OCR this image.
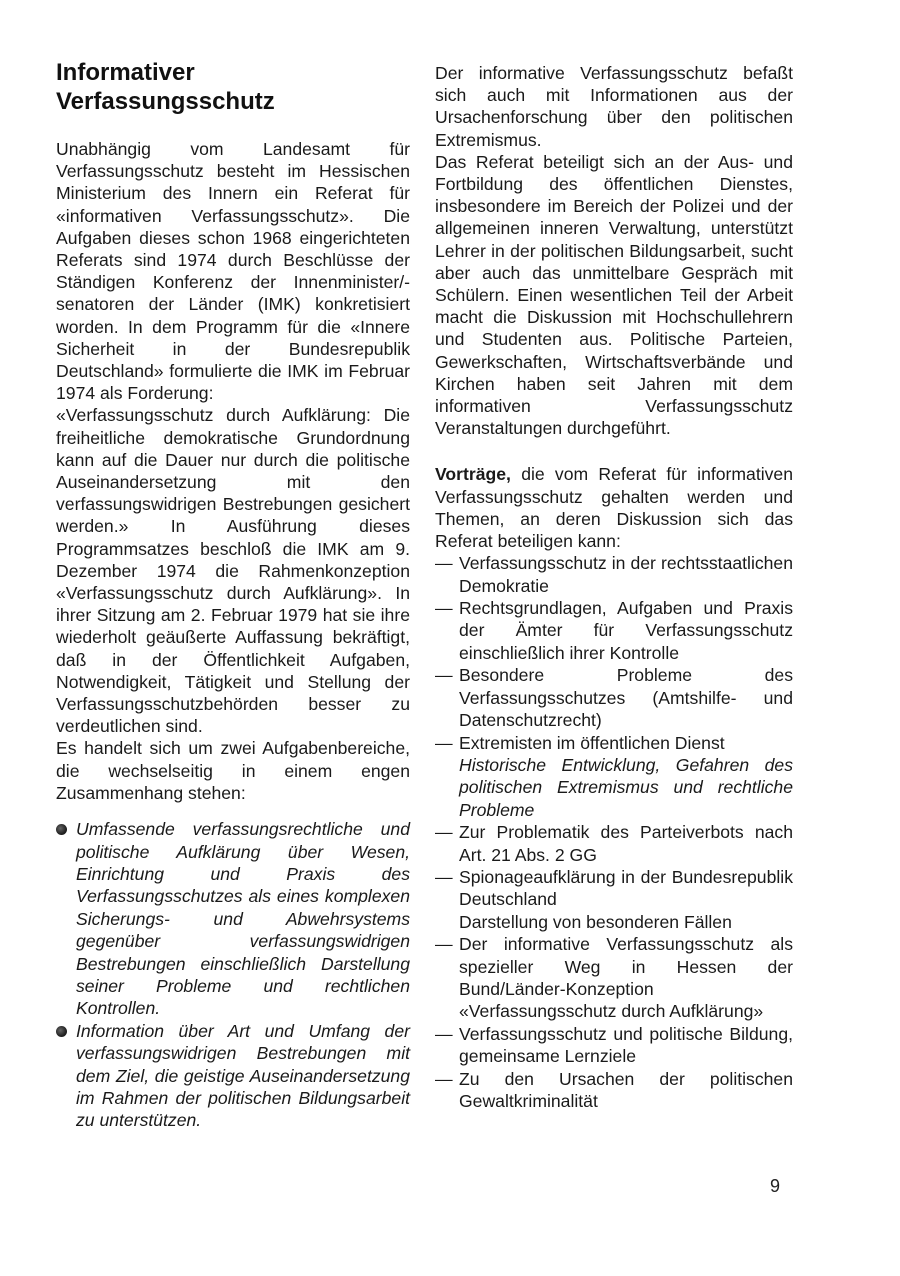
Informativer
Verfassungsschutz

Unabhängig vom Landesamt für Verfassungsschutz besteht im Hessischen Ministerium des Innern ein Referat für «informativen Verfassungsschutz». Die Aufgaben dieses schon 1968 eingerichteten Referats sind 1974 durch Beschlüsse der Ständigen Konferenz der Innenminister/-senatoren der Länder (IMK) konkretisiert worden. In dem Programm für die «Innere Sicherheit in der Bundesrepublik Deutschland» formulierte die IMK im Februar 1974 als Forderung:

«Verfassungsschutz durch Aufklärung: Die freiheitliche demokratische Grundordnung kann auf die Dauer nur durch die politische Auseinandersetzung mit den verfassungswidrigen Bestrebungen gesichert werden.» In Ausführung dieses Programmsatzes beschloß die IMK am 9. Dezember 1974 die Rahmenkonzeption «Verfassungsschutz durch Aufklärung». In ihrer Sitzung am 2. Februar 1979 hat sie ihre wiederholt geäußerte Auffassung bekräftigt, daß in der Öffentlichkeit Aufgaben, Notwendigkeit, Tätigkeit und Stellung der Verfassungsschutzbehörden besser zu verdeutlichen sind.

Es handelt sich um zwei Aufgabenbereiche, die wechselseitig in einem engen Zusammenhang stehen:

Umfassende verfassungsrechtliche und politische Aufklärung über Wesen, Einrichtung und Praxis des Verfassungsschutzes als eines komplexen Sicherungs- und Abwehrsystems gegenüber verfassungswidrigen Bestrebungen einschließlich Darstellung seiner Probleme und rechtlichen Kontrollen.
Information über Art und Umfang der verfassungswidrigen Bestrebungen mit dem Ziel, die geistige Auseinandersetzung im Rahmen der politischen Bildungsarbeit zu unterstützen.

Der informative Verfassungsschutz befaßt sich auch mit Informationen aus der Ursachenforschung über den politischen Extremismus.

Das Referat beteiligt sich an der Aus- und Fortbildung des öffentlichen Dienstes, insbesondere im Bereich der Polizei und der allgemeinen inneren Verwaltung, unterstützt Lehrer in der politischen Bildungsarbeit, sucht aber auch das unmittelbare Gespräch mit Schülern. Einen wesentlichen Teil der Arbeit macht die Diskussion mit Hochschullehrern und Studenten aus. Politische Parteien, Gewerkschaften, Wirtschaftsverbände und Kirchen haben seit Jahren mit dem informativen Verfassungsschutz Veranstaltungen durchgeführt.

Vorträge, die vom Referat für informativen Verfassungsschutz gehalten werden und Themen, an deren Diskussion sich das Referat beteiligen kann:

— Verfassungsschutz in der rechtsstaatlichen Demokratie
— Rechtsgrundlagen, Aufgaben und Praxis der Ämter für Verfassungsschutz einschließlich ihrer Kontrolle
— Besondere Probleme des Verfassungsschutzes (Amtshilfe- und Datenschutzrecht)
— Extremisten im öffentlichen Dienst
Historische Entwicklung, Gefahren des politischen Extremismus und rechtliche Probleme
— Zur Problematik des Parteiverbots nach Art. 21 Abs. 2 GG
— Spionageaufklärung in der Bundesrepublik Deutschland
Darstellung von besonderen Fällen
— Der informative Verfassungsschutz als spezieller Weg in Hessen der Bund/Länder-Konzeption «Verfassungsschutz durch Aufklärung»
— Verfassungsschutz und politische Bildung, gemeinsame Lernziele
— Zu den Ursachen der politischen Gewaltkriminalität
9
